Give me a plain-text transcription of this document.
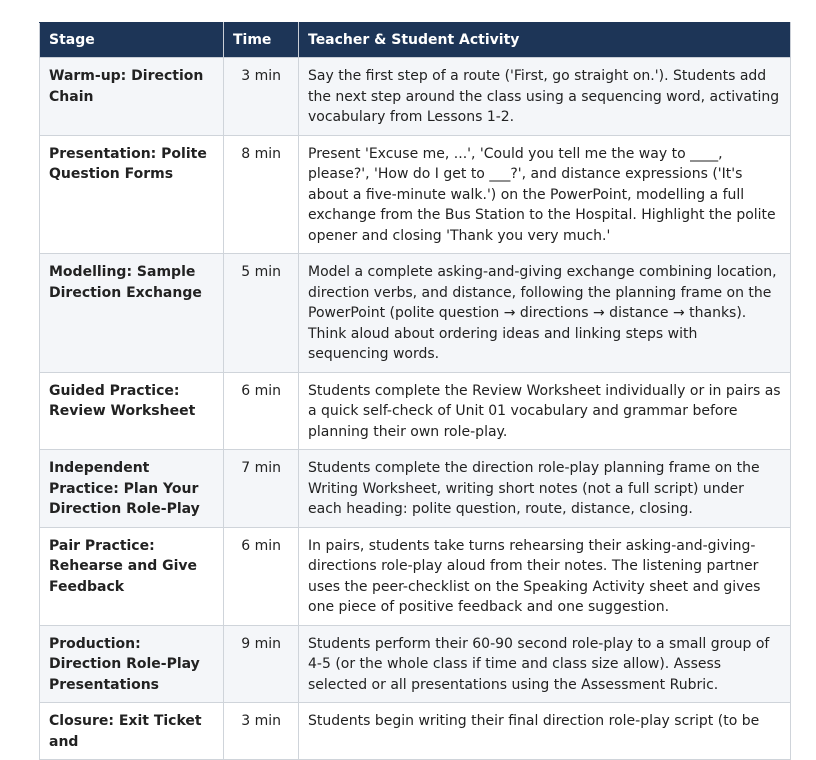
Stage	Time	Teacher & Student Activity
Warm-up: Direction Chain	3 min	Say the first step of a route ('First, go straight on.'). Students add the next step around the class using a sequencing word, activating vocabulary from Lessons 1-2.
Presentation: Polite Question Forms	8 min	Present 'Excuse me, ...', 'Could you tell me the way to ____, please?', 'How do I get to ___?', and distance expressions ('It's about a five-minute walk.') on the PowerPoint, modelling a full exchange from the Bus Station to the Hospital. Highlight the polite opener and closing 'Thank you very much.'
Modelling: Sample Direction Exchange	5 min	Model a complete asking-and-giving exchange combining location, direction verbs, and distance, following the planning frame on the PowerPoint (polite question → directions → distance → thanks). Think aloud about ordering ideas and linking steps with sequencing words.
Guided Practice: Review Worksheet	6 min	Students complete the Review Worksheet individually or in pairs as a quick self-check of Unit 01 vocabulary and grammar before planning their own role-play.
Independent Practice: Plan Your Direction Role-Play	7 min	Students complete the direction role-play planning frame on the Writing Worksheet, writing short notes (not a full script) under each heading: polite question, route, distance, closing.
Pair Practice: Rehearse and Give Feedback	6 min	In pairs, students take turns rehearsing their asking-and-giving-directions role-play aloud from their notes. The listening partner uses the peer-checklist on the Speaking Activity sheet and gives one piece of positive feedback and one suggestion.
Production: Direction Role-Play Presentations	9 min	Students perform their 60-90 second role-play to a small group of 4-5 (or the whole class if time and class size allow). Assess selected or all presentations using the Assessment Rubric.
Closure: Exit Ticket and	3 min	Students begin writing their final direction role-play script (to be
